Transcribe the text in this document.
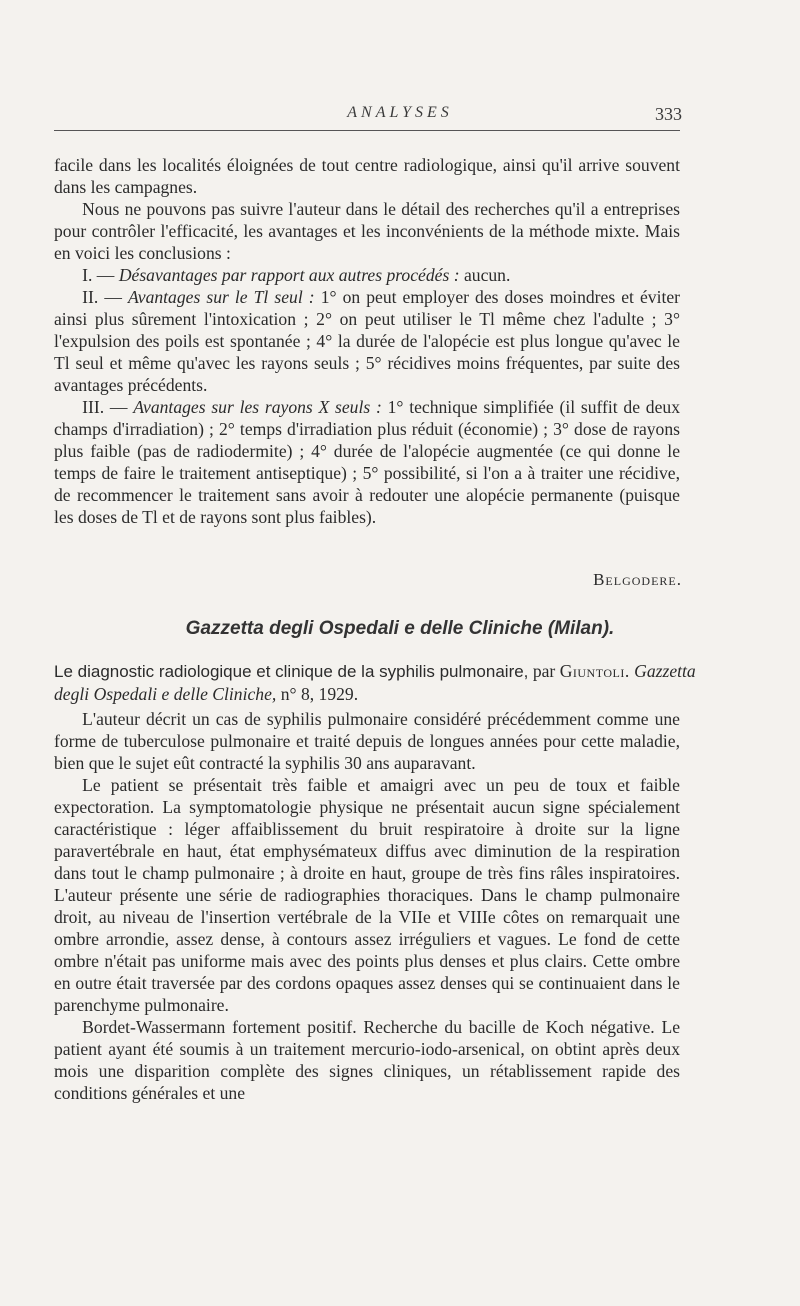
ANALYSES	333

facile dans les localités éloignées de tout centre radiologique, ainsi qu'il arrive souvent dans les campagnes.

Nous ne pouvons pas suivre l'auteur dans le détail des recherches qu'il a entreprises pour contrôler l'efficacité, les avantages et les inconvénients de la méthode mixte. Mais en voici les conclusions :

I. — Désavantages par rapport aux autres procédés : aucun.

II. — Avantages sur le Tl seul : 1° on peut employer des doses moindres et éviter ainsi plus sûrement l'intoxication ; 2° on peut utiliser le Tl même chez l'adulte ; 3° l'expulsion des poils est spontanée ; 4° la durée de l'alopécie est plus longue qu'avec le Tl seul et même qu'avec les rayons seuls ; 5° récidives moins fréquentes, par suite des avantages précédents.

III. — Avantages sur les rayons X seuls : 1° technique simplifiée (il suffit de deux champs d'irradiation) ; 2° temps d'irradiation plus réduit (économie) ; 3° dose de rayons plus faible (pas de radiodermite) ; 4° durée de l'alopécie augmentée (ce qui donne le temps de faire le traitement antiseptique) ; 5° possibilité, si l'on a à traiter une récidive, de recommencer le traitement sans avoir à redouter une alopécie permanente (puisque les doses de Tl et de rayons sont plus faibles).

Belgodere.
Gazzetta degli Ospedali e delle Cliniche (Milan).
Le diagnostic radiologique et clinique de la syphilis pulmonaire, par Giuntoli. Gazzetta degli Ospedali e delle Cliniche, n° 8, 1929.

L'auteur décrit un cas de syphilis pulmonaire considéré précédemment comme une forme de tuberculose pulmonaire et traité depuis de longues années pour cette maladie, bien que le sujet eût contracté la syphilis 30 ans auparavant.

Le patient se présentait très faible et amaigri avec un peu de toux et faible expectoration. La symptomatologie physique ne présentait aucun signe spécialement caractéristique : léger affaiblissement du bruit respiratoire à droite sur la ligne paravertébrale en haut, état emphysémateux diffus avec diminution de la respiration dans tout le champ pulmonaire ; à droite en haut, groupe de très fins râles inspiratoires. L'auteur présente une série de radiographies thoraciques. Dans le champ pulmonaire droit, au niveau de l'insertion vertébrale de la VIIe et VIIIe côtes on remarquait une ombre arrondie, assez dense, à contours assez irréguliers et vagues. Le fond de cette ombre n'était pas uniforme mais avec des points plus denses et plus clairs. Cette ombre en outre était traversée par des cordons opaques assez denses qui se continuaient dans le parenchyme pulmonaire.

Bordet-Wassermann fortement positif. Recherche du bacille de Koch négative. Le patient ayant été soumis à un traitement mercurio-iodo-arsenical, on obtint après deux mois une disparition complète des signes cliniques, un rétablissement rapide des conditions générales et une
